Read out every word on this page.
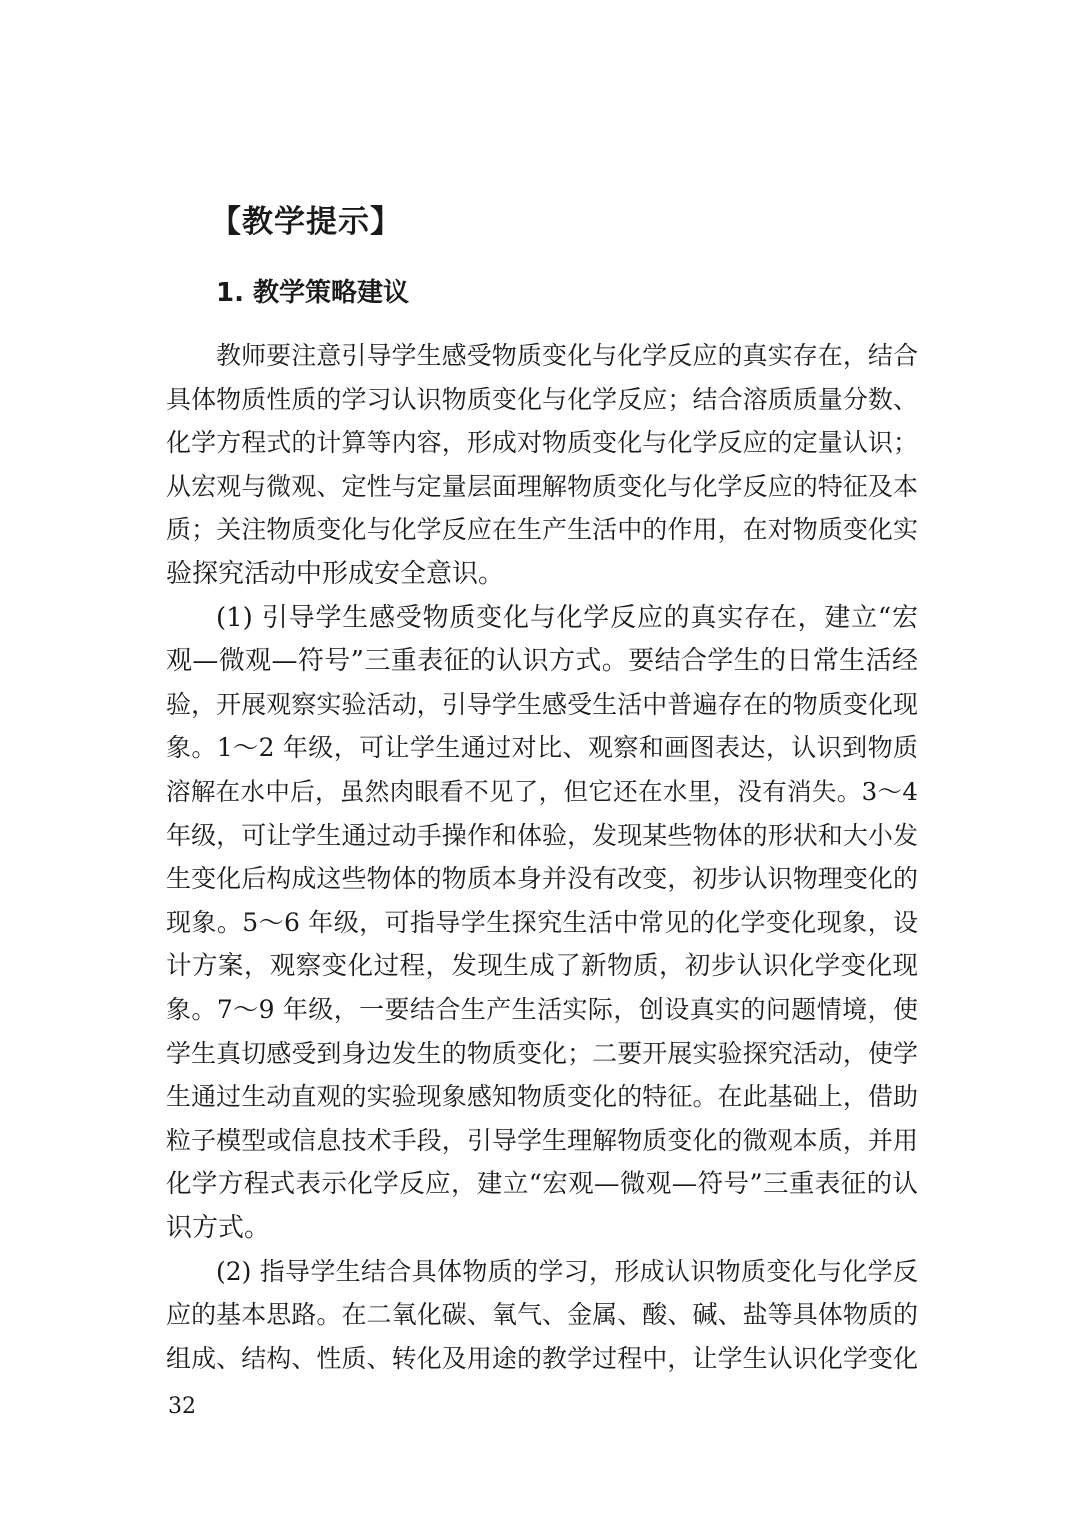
【教学提示】
1. 教学策略建议
教师要注意引导学生感受物质变化与化学反应的真实存在，结合
具体物质性质的学习认识物质变化与化学反应；结合溶质质量分数、
化学方程式的计算等内容，形成对物质变化与化学反应的定量认识；
从宏观与微观、定性与定量层面理解物质变化与化学反应的特征及本
质；关注物质变化与化学反应在生产生活中的作用，在对物质变化实
验探究活动中形成安全意识。
(1) 引导学生感受物质变化与化学反应的真实存在，建立“宏
观—微观—符号”三重表征的认识方式。要结合学生的日常生活经
验，开展观察实验活动，引导学生感受生活中普遍存在的物质变化现
象。1～2 年级，可让学生通过对比、观察和画图表达，认识到物质
溶解在水中后，虽然肉眼看不见了，但它还在水里，没有消失。3～4
年级，可让学生通过动手操作和体验，发现某些物体的形状和大小发
生变化后构成这些物体的物质本身并没有改变，初步认识物理变化的
现象。5～6 年级，可指导学生探究生活中常见的化学变化现象，设
计方案，观察变化过程，发现生成了新物质，初步认识化学变化现
象。7～9 年级，一要结合生产生活实际，创设真实的问题情境，使
学生真切感受到身边发生的物质变化；二要开展实验探究活动，使学
生通过生动直观的实验现象感知物质变化的特征。在此基础上，借助
粒子模型或信息技术手段，引导学生理解物质变化的微观本质，并用
化学方程式表示化学反应，建立“宏观—微观—符号”三重表征的认
识方式。
(2) 指导学生结合具体物质的学习，形成认识物质变化与化学反
应的基本思路。在二氧化碳、氧气、金属、酸、碱、盐等具体物质的
组成、结构、性质、转化及用途的教学过程中，让学生认识化学变化
32
